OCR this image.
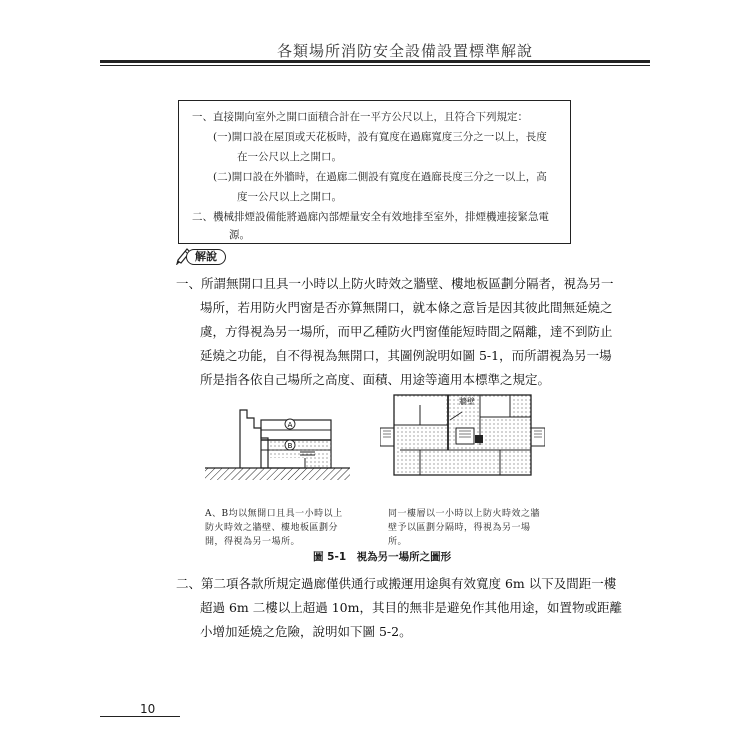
各類場所消防安全設備設置標準解說
一、直接開向室外之開口面積合計在一平方公尺以上，且符合下列規定：
(一)開口設在屋頂或天花板時，設有寬度在過廊寬度三分之一以上，長度
在一公尺以上之開口。
(二)開口設在外牆時，在過廊二側設有寬度在過廊長度三分之一以上，高
度一公尺以上之開口。
二、機械排煙設備能將過廊內部煙量安全有效地排至室外，排煙機連接緊急電
源。
解說
一、所謂無開口且具一小時以上防火時效之牆壁、樓地板區劃分隔者，視為另一
場所，若用防火門窗是否亦算無開口，就本條之意旨是因其彼此間無延燒之
虞，方得視為另一場所，而甲乙種防火門窗僅能短時間之隔離，達不到防止
延燒之功能，自不得視為無開口，其圖例說明如圖 5-1，而所謂視為另一場
所是指各依自己場所之高度、面積、用途等適用本標準之規定。
A
B
牆壁
A、B均以無開口且具一小時以上
防火時效之牆壁、樓地板區劃分
開，得視為另一場所。
同一樓層以一小時以上防火時效之牆
壁予以區劃分隔時，得視為另一場
所。
圖 5-1　視為另一場所之圖形
二、第二項各款所規定過廊僅供通行或搬運用途與有效寬度 6m 以下及間距一樓
超過 6m 二樓以上超過 10m，其目的無非是避免作其他用途，如置物或距離
小增加延燒之危險，說明如下圖 5-2。
10
